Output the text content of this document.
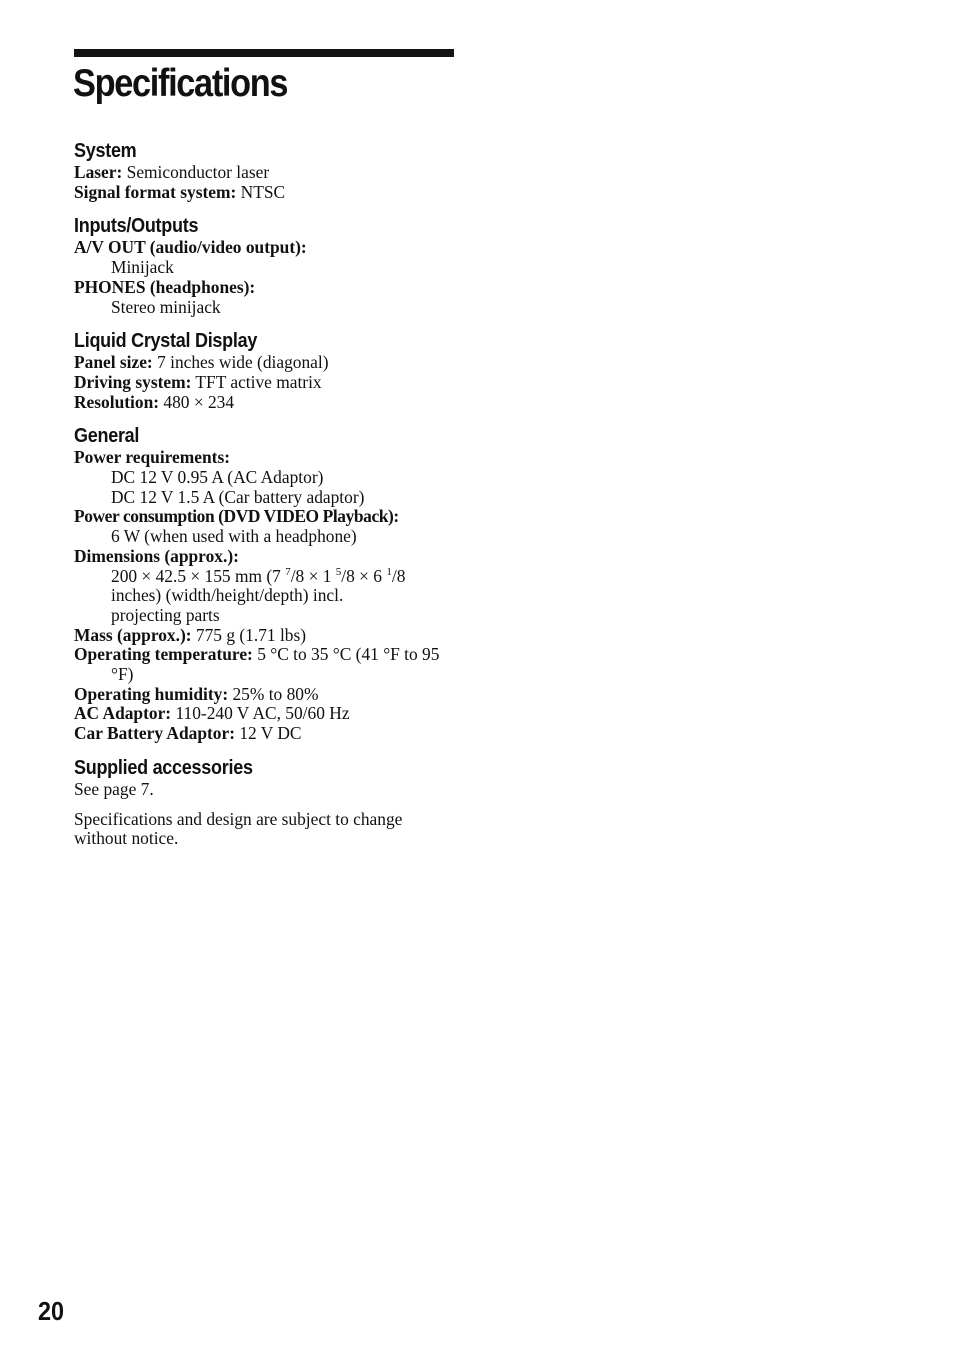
Specifications

System

Laser: Semiconductor laser

Signal format system: NTSC

Inputs/Outputs

A/V OUT (audio/video output):

Minijack

PHONES (headphones):

Stereo minijack

Liquid Crystal Display

Panel size: 7 inches wide (diagonal)

Driving system: TFT active matrix

Resolution: 480 × 234

General

Power requirements:

DC 12 V 0.95 A (AC Adaptor)

DC 12 V 1.5 A (Car battery adaptor)

Power consumption (DVD VIDEO Playback):

6 W (when used with a headphone)

Dimensions (approx.):

200 × 42.5 × 155 mm (7 $^7$/8 × 1 $^5$/8 × 6 $^1$/8

inches) (width/height/depth) incl.

projecting parts

Mass (approx.): 775 g (1.71 lbs)

Operating temperature: 5 °C to 35 °C (41 °F to 95 °F)

Operating humidity: 25% to 80%

AC Adaptor: 110-240 V AC, 50/60 Hz

Car Battery Adaptor: 12 V DC

Supplied accessories

See page 7.

Specifications and design are subject to change without notice.

20
